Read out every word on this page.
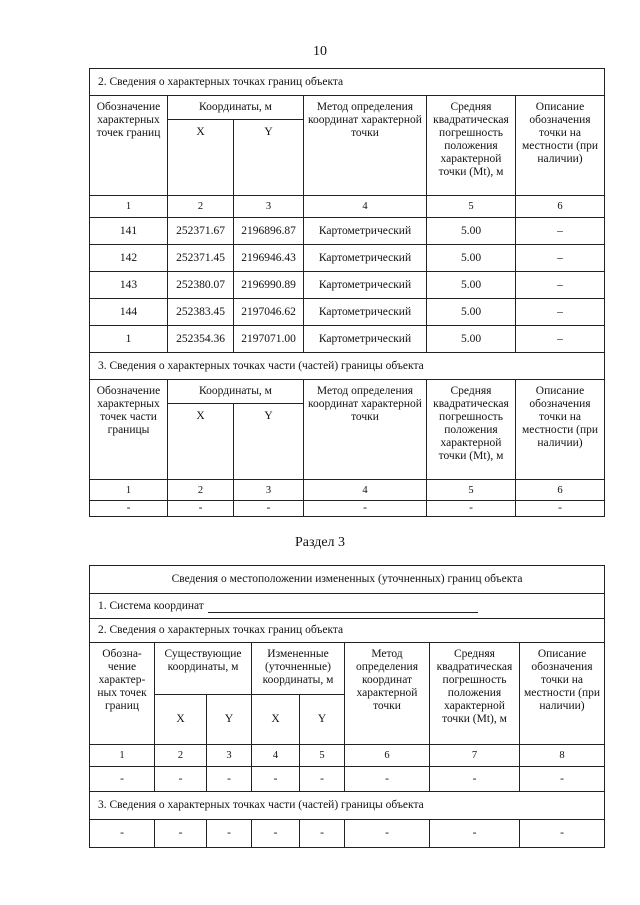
10
2. Сведения о характерных точках границ объекта					
Обозначение характерных точек границ	Координаты, м		Метод определения координат характерной точки	Средняя квадратическая погрешность положения характерной точки (Mt), м	Описание обозначения точки на местности (при наличии)
	X	Y			
1	2	3	4	5	6
141	252371.67	2196896.87	Картометрический	5.00	–
142	252371.45	2196946.43	Картометрический	5.00	–
143	252380.07	2196990.89	Картометрический	5.00	–
144	252383.45	2197046.62	Картометрический	5.00	–
1	252354.36	2197071.00	Картометрический	5.00	–
3. Сведения о характерных точках части (частей) границы объекта					
Обозначение характерных точек части границы	Координаты, м		Метод определения координат характерной точки	Средняя квадратическая погрешность положения характерной точки (Mt), м	Описание обозначения точки на местности (при наличии)
	X	Y			
1	2	3	4	5	6
-	-	-	-	-	-
Раздел 3
Сведения о местоположении измененных (уточненных) границ объекта							
1. Система координат							
2. Сведения о характерных точках границ объекта							
Обозна-чение характер-ных точек границ	Существующие координаты, м		Измененные (уточненные) координаты, м		Метод определения координат характерной точки	Средняя квадратическая погрешность положения характерной точки (Mt), м	Описание обозначения точки на местности (при наличии)
	X	Y	X	Y			
1	2	3	4	5	6	7	8
-	-	-	-	-	-	-	-
3. Сведения о характерных точках части (частей) границы объекта							
-	-	-	-	-	-	-	-
